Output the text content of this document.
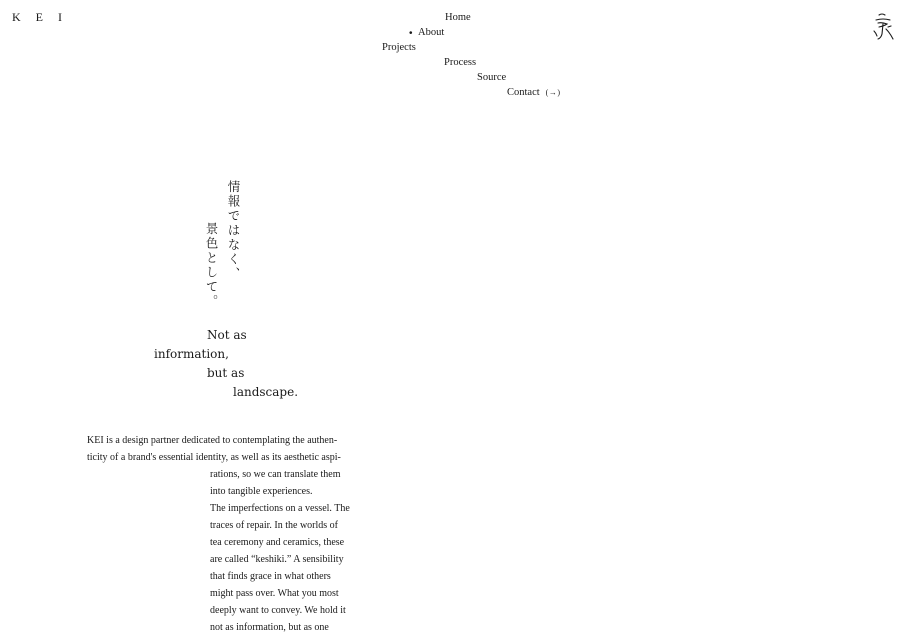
K E I	Home
• About
Projects
Process
Source
Contact (→)
情報ではなく、
景色として。
Not as
information,
but as
landscape.
KEI is a design partner dedicated to contemplating the authen-
ticity of a brand's essential identity, as well as its aesthetic aspi-
rations, so we can translate them
into tangible experiences.
The imperfections on a vessel. The
traces of repair. In the worlds of
tea ceremony and ceramics, these
are called “keshiki.” A sensibility
that finds grace in what others
might pass over. What you most
deeply want to convey. We hold it
not as information, but as one
